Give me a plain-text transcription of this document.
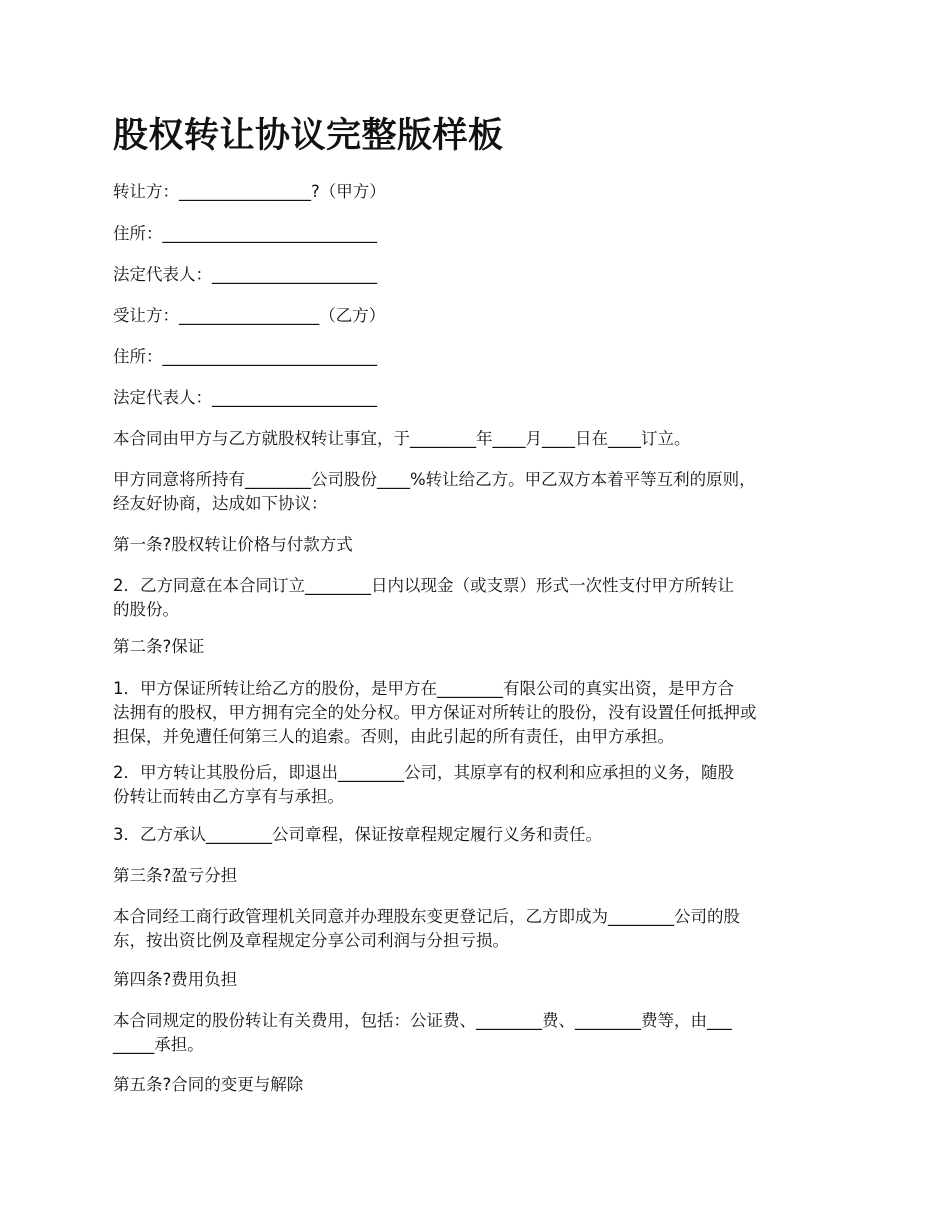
股权转让协议完整版样板
转让方：________________?（甲方）
住所：__________________________
法定代表人：____________________
受让方：_________________（乙方）
住所：__________________________
法定代表人：____________________
本合同由甲方与乙方就股权转让事宜，于________年____月____日在____订立。
甲方同意将所持有________公司股份____%转让给乙方。甲乙双方本着平等互利的原则，
经友好协商，达成如下协议：
第一条?股权转让价格与付款方式
2．乙方同意在本合同订立________日内以现金（或支票）形式一次性支付甲方所转让
的股份。
第二条?保证
1．甲方保证所转让给乙方的股份，是甲方在________有限公司的真实出资，是甲方合
法拥有的股权，甲方拥有完全的处分权。甲方保证对所转让的股份，没有设置任何抵押或
担保，并免遭任何第三人的追索。否则，由此引起的所有责任，由甲方承担。
2．甲方转让其股份后，即退出________公司，其原享有的权利和应承担的义务，随股
份转让而转由乙方享有与承担。
3．乙方承认________公司章程，保证按章程规定履行义务和责任。
第三条?盈亏分担
本合同经工商行政管理机关同意并办理股东变更登记后，乙方即成为________公司的股
东，按出资比例及章程规定分享公司利润与分担亏损。
第四条?费用负担
本合同规定的股份转让有关费用，包括：公证费、________费、________费等，由___
_____承担。
第五条?合同的变更与解除
